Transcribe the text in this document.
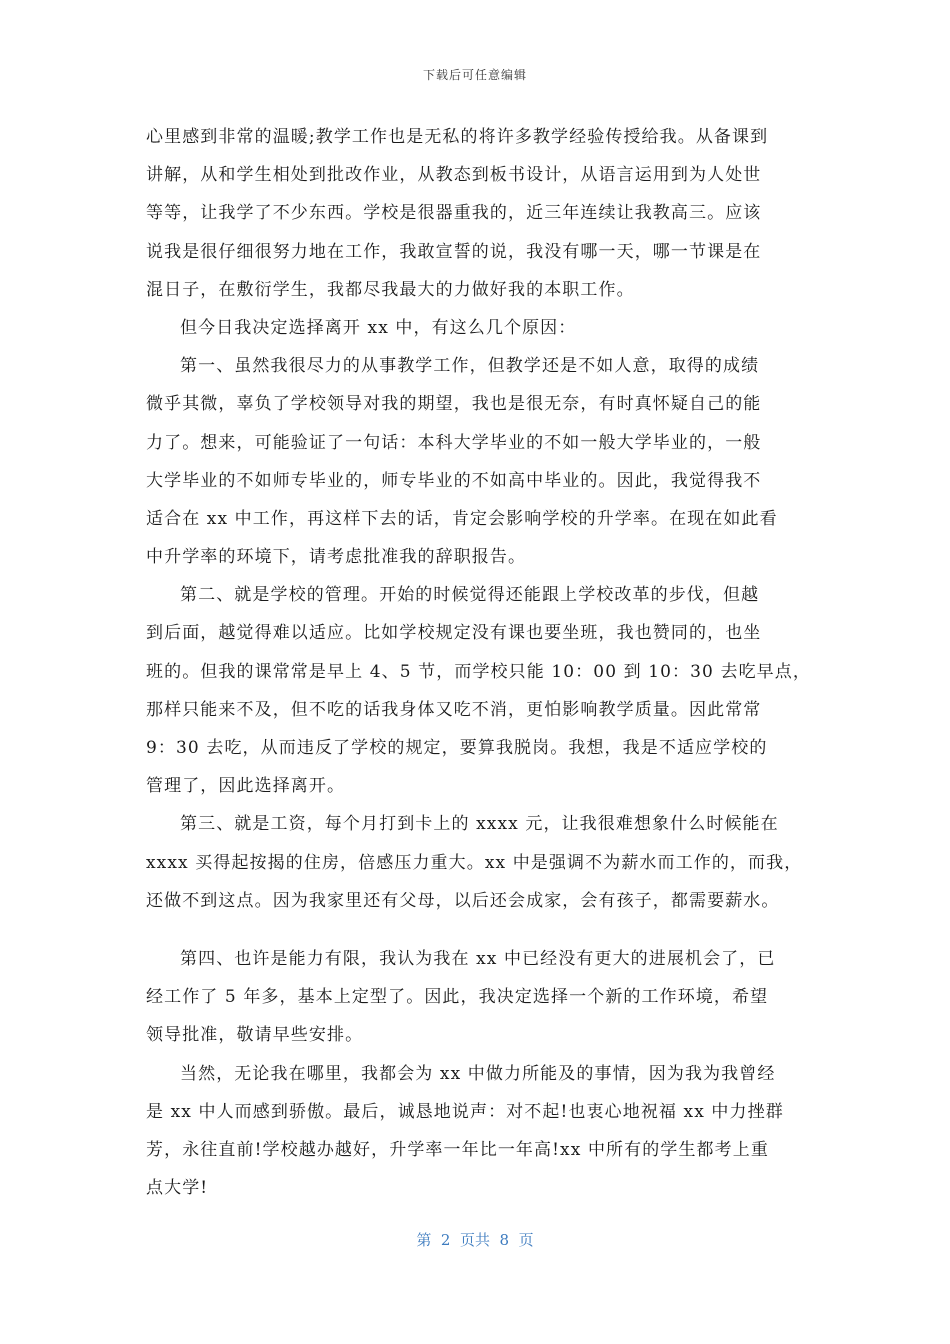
下载后可任意编辑
心里感到非常的温暖;教学工作也是无私的将许多教学经验传授给我。从备课到
讲解，从和学生相处到批改作业，从教态到板书设计，从语言运用到为人处世
等等，让我学了不少东西。学校是很器重我的，近三年连续让我教高三。应该
说我是很仔细很努力地在工作，我敢宣誓的说，我没有哪一天，哪一节课是在
混日子，在敷衍学生，我都尽我最大的力做好我的本职工作。
但今日我决定选择离开 xx 中，有这么几个原因：
第一、虽然我很尽力的从事教学工作，但教学还是不如人意，取得的成绩
微乎其微，辜负了学校领导对我的期望，我也是很无奈，有时真怀疑自己的能
力了。想来，可能验证了一句话：本科大学毕业的不如一般大学毕业的，一般
大学毕业的不如师专毕业的，师专毕业的不如高中毕业的。因此，我觉得我不
适合在 xx 中工作，再这样下去的话，肯定会影响学校的升学率。在现在如此看
中升学率的环境下，请考虑批准我的辞职报告。
第二、就是学校的管理。开始的时候觉得还能跟上学校改革的步伐，但越
到后面，越觉得难以适应。比如学校规定没有课也要坐班，我也赞同的，也坐
班的。但我的课常常是早上 4、5 节，而学校只能 10：00 到 10：30 去吃早点，
那样只能来不及，但不吃的话我身体又吃不消，更怕影响教学质量。因此常常
9：30 去吃，从而违反了学校的规定，要算我脱岗。我想，我是不适应学校的
管理了，因此选择离开。
第三、就是工资，每个月打到卡上的 xxxx 元，让我很难想象什么时候能在
xxxx 买得起按揭的住房，倍感压力重大。xx 中是强调不为薪水而工作的，而我，
还做不到这点。因为我家里还有父母，以后还会成家，会有孩子，都需要薪水。
第四、也许是能力有限，我认为我在 xx 中已经没有更大的进展机会了，已
经工作了 5 年多，基本上定型了。因此，我决定选择一个新的工作环境，希望
领导批准，敬请早些安排。
当然，无论我在哪里，我都会为 xx 中做力所能及的事情，因为我为我曾经
是 xx 中人而感到骄傲。最后，诚恳地说声：对不起!也衷心地祝福 xx 中力挫群
芳，永往直前!学校越办越好，升学率一年比一年高!xx 中所有的学生都考上重
点大学!
第  2  页共  8  页
